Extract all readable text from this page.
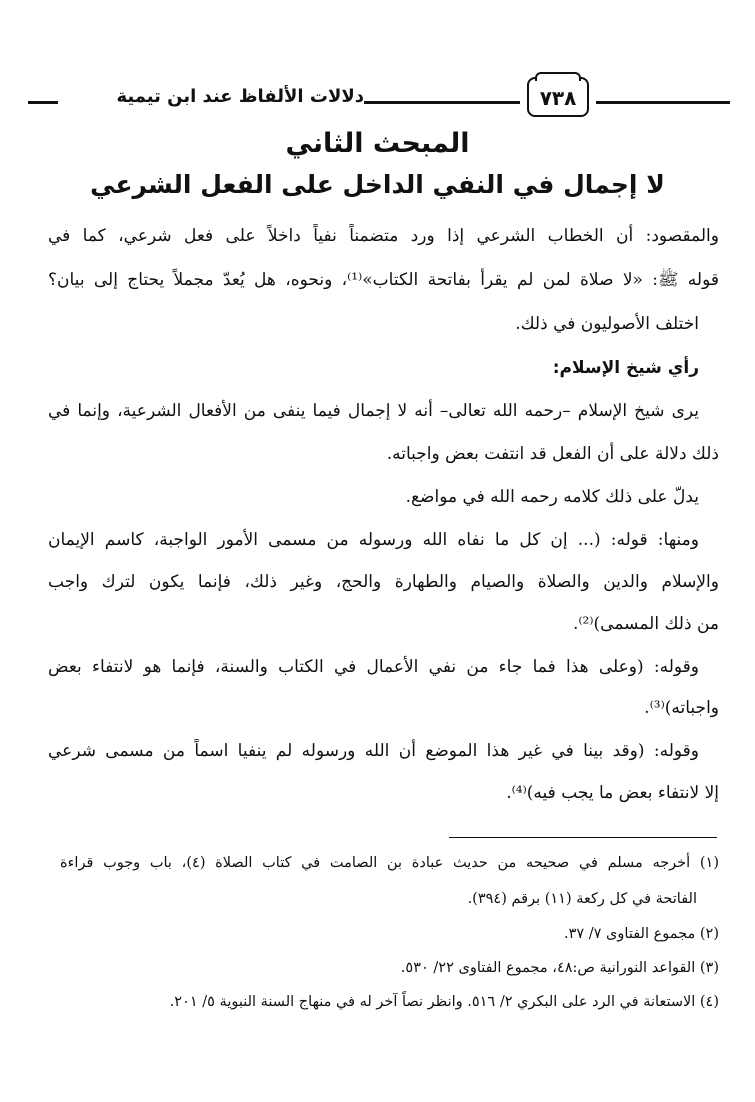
دلالات الألفاظ عند ابن تيمية	٧٣٨
المبحث الثاني
لا إجمال في النفي الداخل على الفعل الشرعي
والمقصود: أن الخطاب الشرعي إذا ورد متضمناً نفياً داخلاً على فعل شرعي، كما في
قوله ﷺ: «لا صلاة لمن لم يقرأ بفاتحة الكتاب»⁽¹⁾، ونحوه، هل يُعدّ مجملاً يحتاج إلى بيان؟
اختلف الأصوليون في ذلك.
رأي شيخ الإسلام:
يرى شيخ الإسلام –رحمه الله تعالى– أنه لا إجمال فيما ينفى من الأفعال الشرعية، وإنما في
ذلك دلالة على أن الفعل قد انتفت بعض واجباته.
يدلّ على ذلك كلامه رحمه الله في مواضع.
ومنها: قوله: (... إن كل ما نفاه الله ورسوله من مسمى الأمور الواجبة، كاسم الإيمان
والإسلام والدين والصلاة والصيام والطهارة والحج، وغير ذلك، فإنما يكون لترك واجب
من ذلك المسمى)⁽²⁾.
وقوله: (وعلى هذا فما جاء من نفي الأعمال في الكتاب والسنة، فإنما هو لانتفاء بعض
واجباته)⁽³⁾.
وقوله: (وقد بينا في غير هذا الموضع أن الله ورسوله لم ينفيا اسماً من مسمى شرعي
إلا لانتفاء بعض ما يجب فيه)⁽⁴⁾.
(١) أخرجه مسلم في صحيحه من حديث عبادة بن الصامت في كتاب الصلاة (٤)، باب وجوب قراءة
الفاتحة في كل ركعة (١١) برقم (٣٩٤).
(٢) مجموع الفتاوى ٧/ ٣٧.
(٣) القواعد النورانية ص:٤٨، مجموع الفتاوى ٢٢/ ٥٣٠.
(٤) الاستعانة في الرد على البكري ٢/ ٥١٦. وانظر نصاً آخر له في منهاج السنة النبوية ٥/ ٢٠١.
